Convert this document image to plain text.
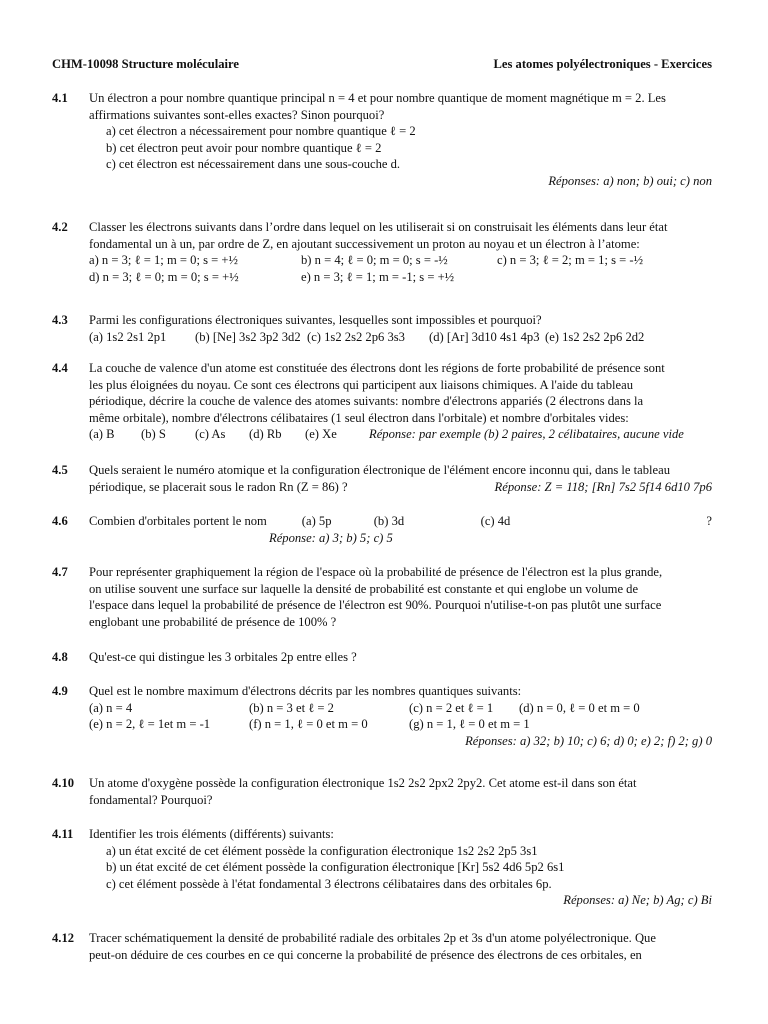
CHM-10098 Structure moléculaire	Les atomes polyélectroniques - Exercices
4.1 Un électron a pour nombre quantique principal n = 4 et pour nombre quantique de moment magnétique m = 2. Les
affirmations suivantes sont-elles exactes? Sinon pourquoi?
a) cet électron a nécessairement pour nombre quantique ℓ = 2
b) cet électron peut avoir pour nombre quantique ℓ = 2
c) cet électron est nécessairement dans une sous-couche d.
Réponses: a) non; b) oui; c) non
4.2 Classer les électrons suivants dans l’ordre dans lequel on les utiliserait si on construisait les éléments dans leur état
fondamental un à un, par ordre de Z, en ajoutant successivement un proton au noyau et un électron à l’atome:
a) n = 3; ℓ = 1; m = 0; s = +½	b) n = 4; ℓ = 0; m = 0; s = -½	c) n = 3; ℓ = 2; m = 1; s = -½
d) n = 3; ℓ = 0; m = 0; s = +½	e) n = 3; ℓ = 1; m = -1; s = +½
4.3 Parmi les configurations électroniques suivantes, lesquelles sont impossibles et pourquoi?
(a) 1s2 2s1 2p1	(b) [Ne] 3s2 3p2 3d2 (c) 1s2 2s2 2p6 3s3	(d) [Ar] 3d10 4s1 4p3 (e) 1s2 2s2 2p6 2d2
4.4 La couche de valence d'un atome est constituée des électrons dont les régions de forte probabilité de présence sont
les plus éloignées du noyau. Ce sont ces électrons qui participent aux liaisons chimiques. A l'aide du tableau
périodique, décrire la couche de valence des atomes suivants: nombre d'électrons appariés (2 électrons dans la
même orbitale), nombre d'électrons célibataires (1 seul électron dans l'orbitale) et nombre d'orbitales vides:
(a) B	(b) S	(c) As	(d) Rb	(e) Xe	Réponse: par exemple (b) 2 paires, 2 célibataires, aucune vide
4.5 Quels seraient le numéro atomique et la configuration électronique de l'élément encore inconnu qui, dans le tableau
périodique, se placerait sous le radon Rn (Z = 86) ?	Réponse: Z = 118; [Rn] 7s2 5f14 6d10 7p6
4.6 Combien d'orbitales portent le nom	(a) 5p	(b) 3d	(c) 4d	?
Réponse: a) 3; b) 5; c) 5
4.7 Pour représenter graphiquement la région de l'espace où la probabilité de présence de l'électron est la plus grande,
on utilise souvent une surface sur laquelle la densité de probabilité est constante et qui englobe un volume de
l'espace dans lequel la probabilité de présence de l'électron est 90%. Pourquoi n'utilise-t-on pas plutôt une surface
englobant une probabilité de présence de 100% ?
4.8 Qu'est-ce qui distingue les 3 orbitales 2p entre elles ?
4.9 Quel est le nombre maximum d'électrons décrits par les nombres quantiques suivants:
(a) n = 4	(b) n = 3 et ℓ = 2	(c) n = 2 et ℓ = 1	(d) n = 0, ℓ = 0 et m = 0
(e) n = 2, ℓ = 1et m = -1	(f) n = 1, ℓ = 0 et m = 0	(g) n = 1, ℓ = 0 et m = 1
Réponses: a) 32; b) 10; c) 6; d) 0; e) 2; f) 2; g) 0
4.10 Un atome d'oxygène possède la configuration électronique 1s2 2s2 2px2 2py2. Cet atome est-il dans son état
fondamental? Pourquoi?
4.11 Identifier les trois éléments (différents) suivants:
a) un état excité de cet élément possède la configuration électronique 1s2 2s2 2p5 3s1
b) un état excité de cet élément possède la configuration électronique [Kr] 5s2 4d6 5p2 6s1
c) cet élément possède à l'état fondamental 3 électrons célibataires dans des orbitales 6p.
Réponses: a) Ne; b) Ag; c) Bi
4.12 Tracer schématiquement la densité de probabilité radiale des orbitales 2p et 3s d'un atome polyélectronique. Que
peut-on déduire de ces courbes en ce qui concerne la probabilité de présence des électrons de ces orbitales, en
